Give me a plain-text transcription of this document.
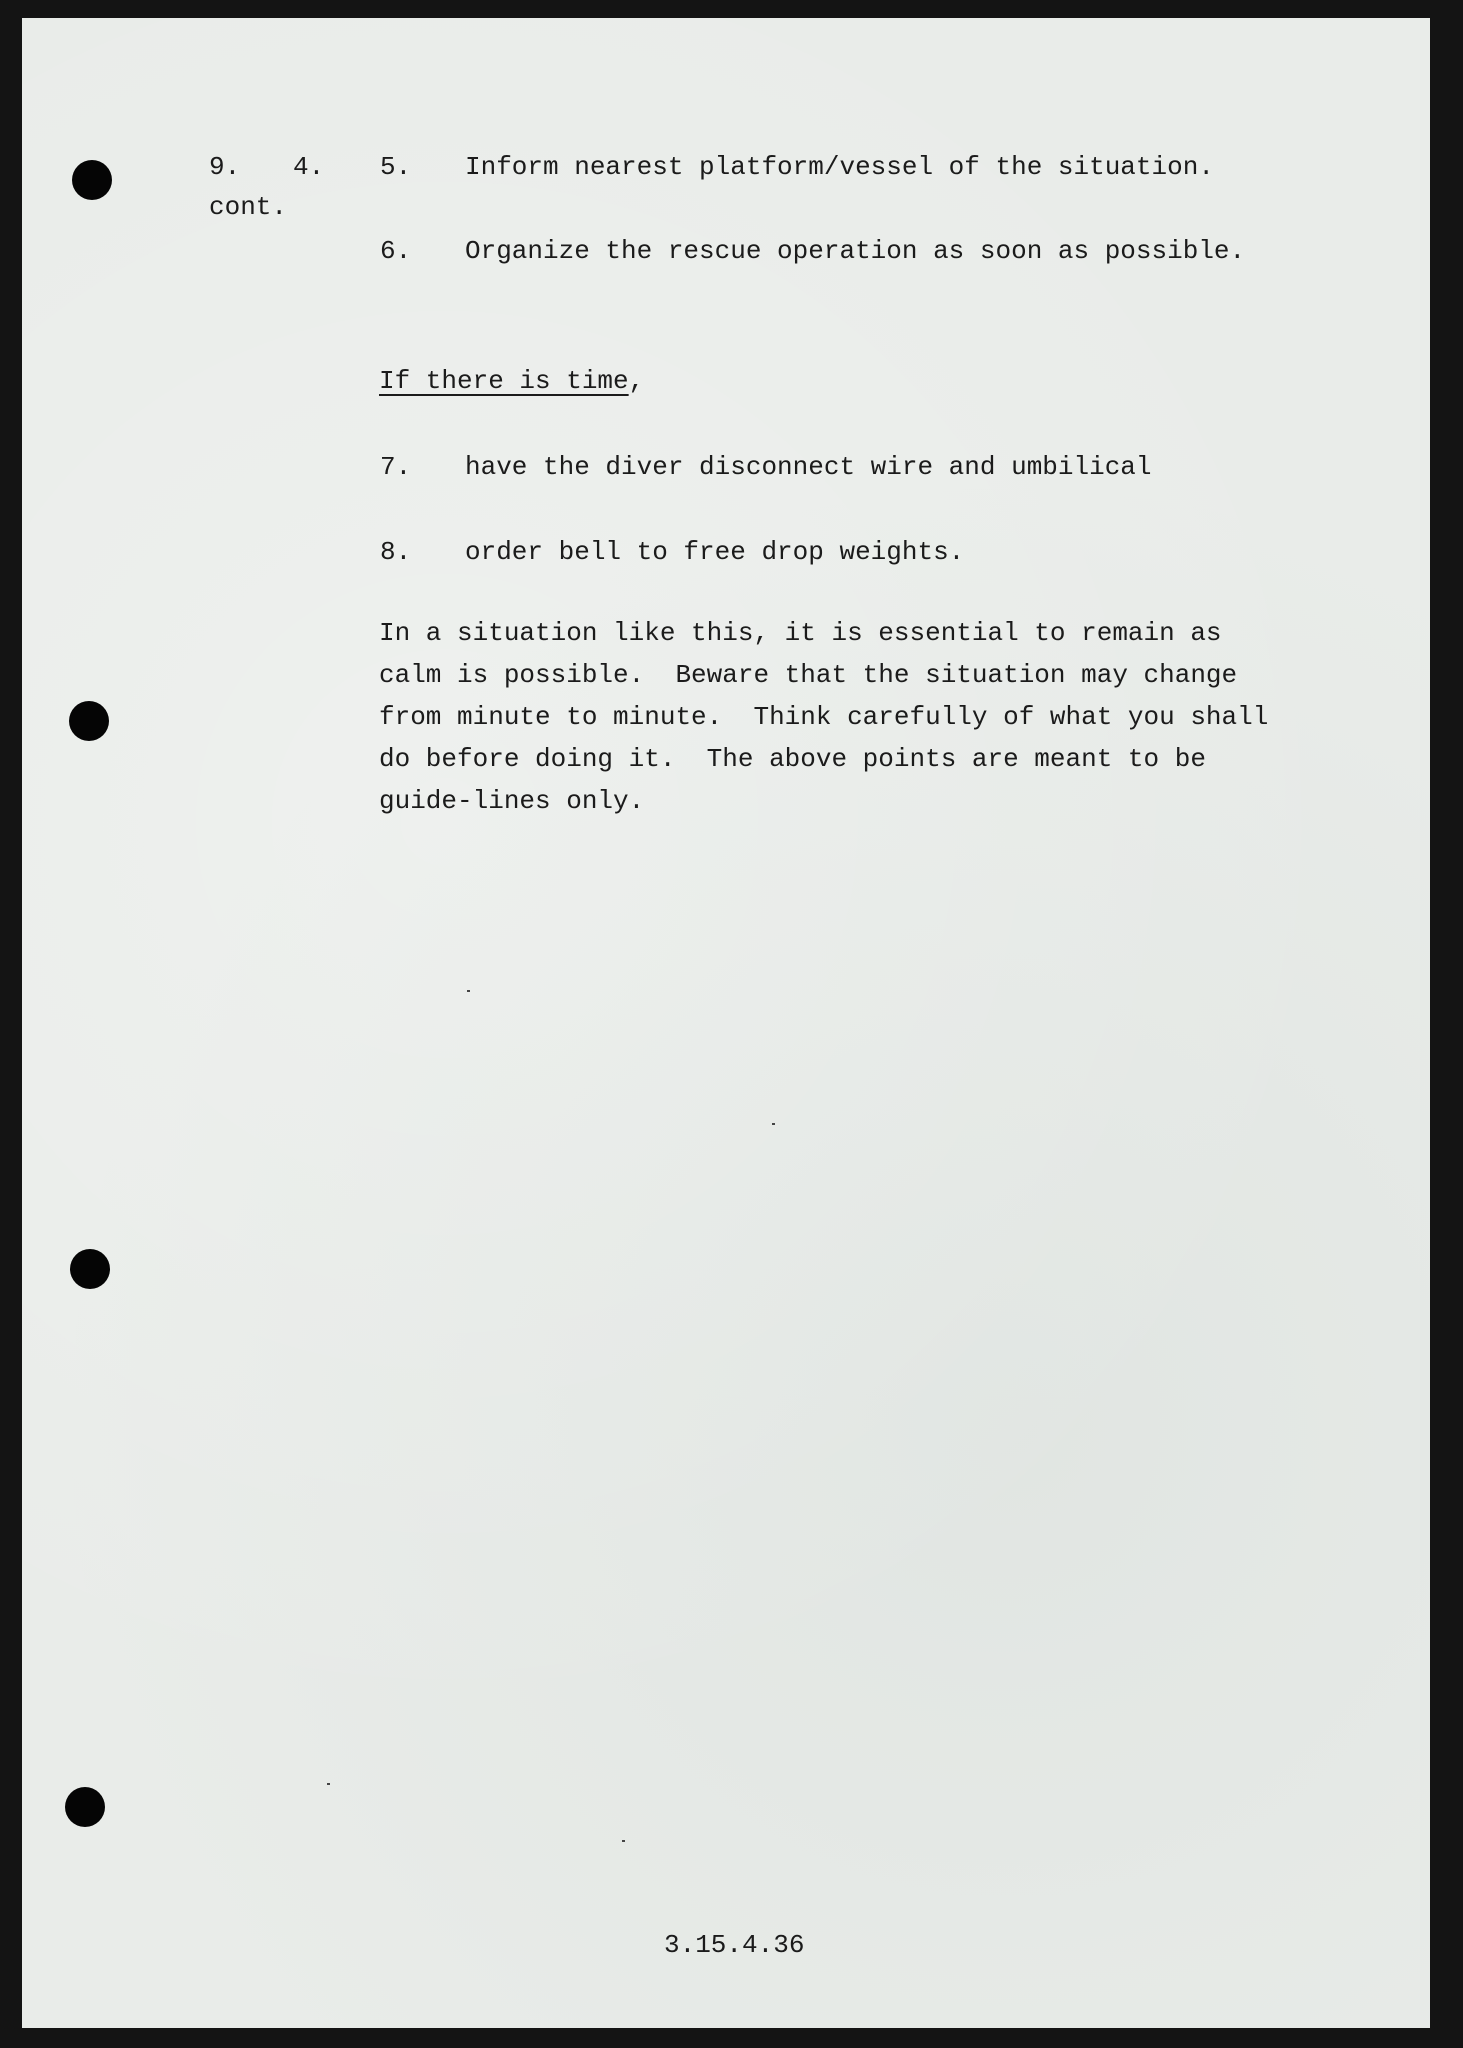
9. 4.
cont.
5. Inform nearest platform/vessel of the situation.
6. Organize the rescue operation as soon as possible.
If there is time,
7. have the diver disconnect wire and umbilical
8. order bell to free drop weights.
In a situation like this, it is essential to remain as
calm is possible.  Beware that the situation may change
from minute to minute.  Think carefully of what you shall
do before doing it.  The above points are meant to be
guide-lines only.
3.15.4.36
